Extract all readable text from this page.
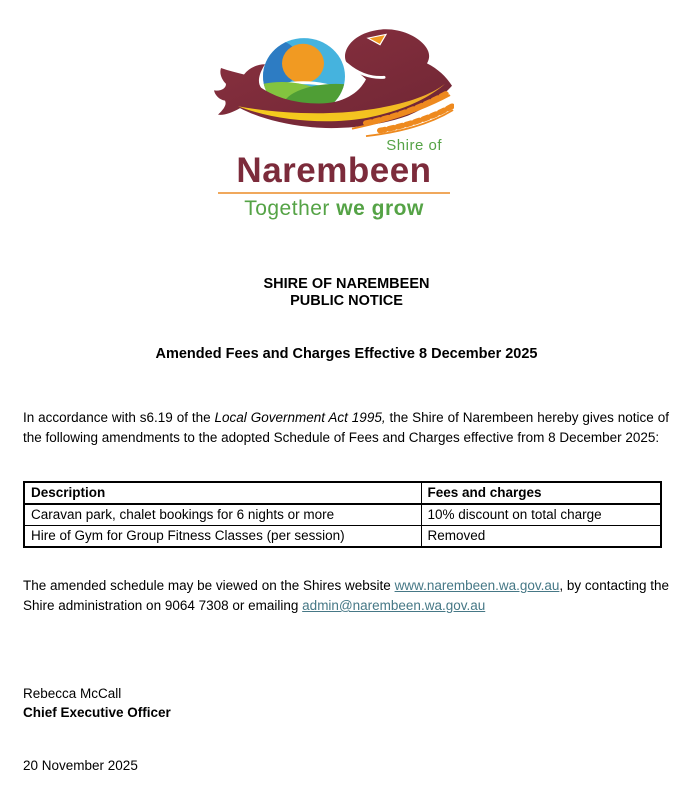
Shire of
Narembeen
Together we grow
SHIRE OF NAREMBEEN
PUBLIC NOTICE
Amended Fees and Charges Effective 8 December 2025

In accordance with s6.19 of the Local Government Act 1995, the Shire of Narembeen hereby gives notice of the following amendments to the adopted Schedule of Fees and Charges effective from 8 December 2025:

Description	Fees and charges
Caravan park, chalet bookings for 6 nights or more	10% discount on total charge
Hire of Gym for Group Fitness Classes (per session)	Removed

The amended schedule may be viewed on the Shires website www.narembeen.wa.gov.au, by contacting the Shire administration on 9064 7308 or emailing admin@narembeen.wa.gov.au

Rebecca McCall
Chief Executive Officer
20 November 2025
